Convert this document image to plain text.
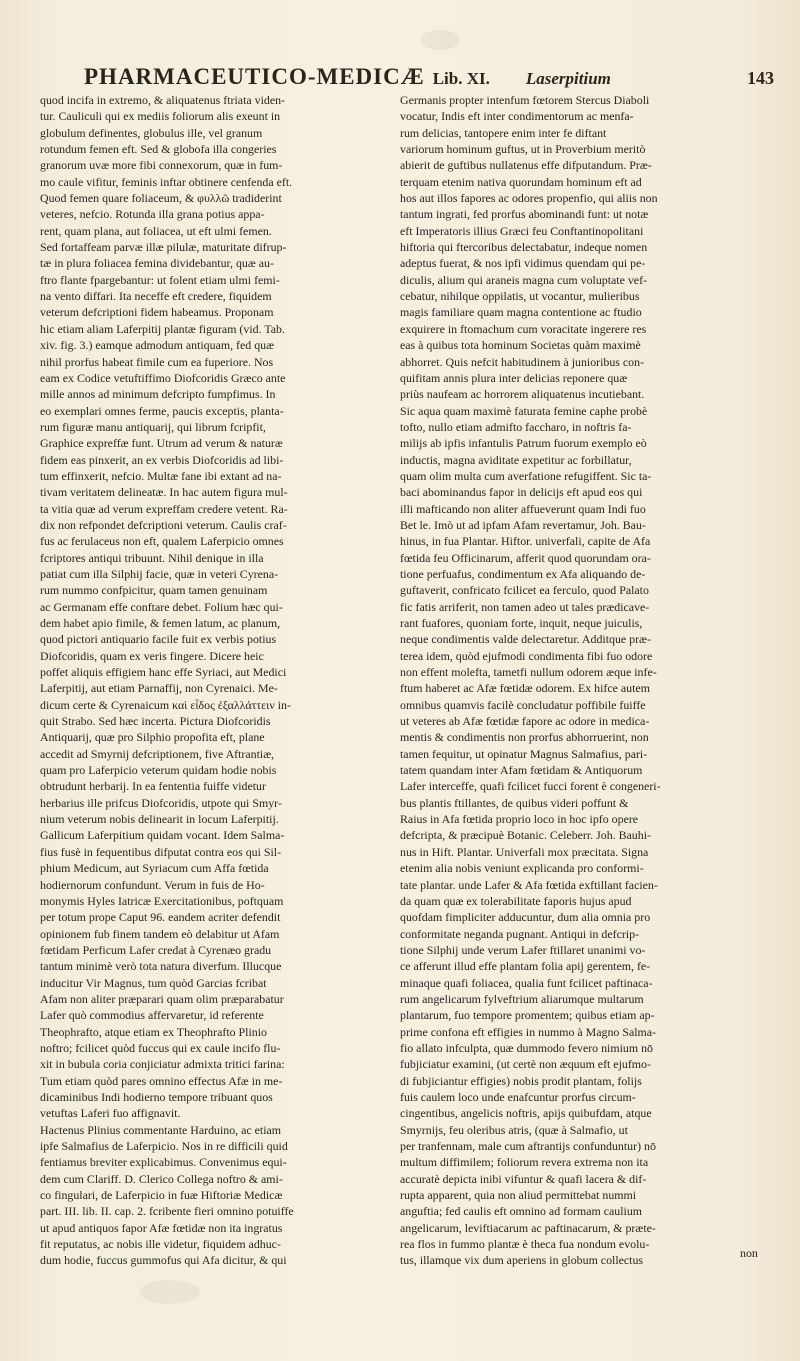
PHARMACEUTICO-MEDICÆ Lib. XI. Laserpitium	143
quod incifa in extremo, & aliquatenus ftriata viden-
tur. Cauliculi qui ex mediis foliorum alis exeunt in
globulum definentes, globulus ille, vel granum
rotundum femen eft. Sed & globofa illa congeries
granorum uvæ more fibi connexorum, quæ in fum-
mo caule vifitur, feminis inftar obtinere cenfenda eft.
Quod femen quare foliaceum, & φυλλῶ tradiderint
veteres, nefcio. Rotunda illa grana potius appa-
rent, quam plana, aut foliacea, ut eft ulmi femen.
Sed fortaffeam parvæ illæ pilulæ, maturitate difrup-
tæ in plura foliacea femina dividebantur, quæ au-
ftro flante fpargebantur: ut folent etiam ulmi femi-
na vento diffari. Ita neceffe eft credere, fiquidem
veterum defcriptioni fidem habeamus. Proponam
hic etiam aliam Laferpitij plantæ figuram (vid. Tab.
xiv. fig. 3.) eamque admodum antiquam, fed quæ
nihil prorfus habeat fimile cum ea fuperiore. Nos
eam ex Codice vetuftiffimo Diofcoridis Græco ante
mille annos ad minimum defcripto fumpfimus. In
eo exemplari omnes ferme, paucis exceptis, planta-
rum figuræ manu antiquarij, qui librum fcripfit,
Graphice expreffæ funt. Utrum ad verum & naturæ
fidem eas pinxerit, an ex verbis Diofcoridis ad libi-
tum effinxerit, nefcio. Multæ fane ibi extant ad na-
tivam veritatem delineatæ. In hac autem figura mul-
ta vitia quæ ad verum expreffam credere vetent. Ra-
dix non refpondet defcriptioni veterum. Caulis craf-
fus ac ferulaceus non eft, qualem Laferpicio omnes
fcriptores antiqui tribuunt. Nihil denique in illa
patiat cum illa Silphij facie, quæ in veteri Cyrena-
rum nummo confpicitur, quam tamen genuinam
ac Germanam effe conftare debet. Folium hæc qui-
dem habet apio fimile, & femen latum, ac planum,
quod pictori antiquario facile fuit ex verbis potius
Diofcoridis, quam ex veris fingere. Dicere heic
poffet aliquis effigiem hanc effe Syriaci, aut Medici
Laferpitij, aut etiam Parnaffij, non Cyrenaici. Me-
dicum certe & Cyrenaicum καὶ εἶδος ἐξαλλάττειν in-
quit Strabo. Sed hæc incerta. Pictura Diofcoridis
Antiquarij, quæ pro Silphio propofita eft, plane
accedit ad Smyrnij defcriptionem, five Aftrantiæ,
quam pro Laferpicio veterum quidam hodie nobis
obtrudunt herbarij. In ea fententia fuiffe videtur
herbarius ille prifcus Diofcoridis, utpote qui Smyr-
nium veterum nobis delinearit in locum Laferpitij.
Gallicum Laferpitium quidam vocant. Idem Salma-
fius fusè in fequentibus difputat contra eos qui Sil-
phium Medicum, aut Syriacum cum Affa fœtida
hodiernorum confundunt. Verum in fuis de Ho-
monymis Hyles Iatricæ Exercitationibus, poftquam
per totum prope Caput 96. eandem acriter defendit
opinionem fub finem tandem eò delabitur ut Afam
fœtidam Perficum Lafer credat à Cyrenæo gradu
tantum minimè verò tota natura diverfum. Illucque
inducitur Vir Magnus, tum quòd Garcias fcribat
Afam non aliter præparari quam olim præparabatur
Lafer quò commodius affervaretur, id referente
Theophrafto, atque etiam ex Theophrafto Plinio
noftro; fcilicet quòd fuccus qui ex caule incifo flu-
xit in bubula coria conjiciatur admixta tritici farina:
Tum etiam quòd pares omnino effectus Afæ in me-
dicaminibus Indi hodierno tempore tribuant quos
vetuftas Laferi fuo affignavit.
Hactenus Plinius commentante Harduino, ac etiam
ipfe Salmafius de Laferpicio. Nos in re difficili quid
fentiamus breviter explicabimus. Convenimus equi-
dem cum Clariff. D. Clerico Collega noftro & ami-
co fingulari, de Laferpicio in fuæ Hiftoriæ Medicæ
part. III. lib. II. cap. 2. fcribente fieri omnino potuiffe
ut apud antiquos fapor Afæ fœtidæ non ita ingratus
fit reputatus, ac nobis ille videtur, fiquidem adhuc-
dum hodie, fuccus gummofus qui Afa dicitur, & qui
Germanis propter intenfum fœtorem Stercus Diaboli
vocatur, Indis eft inter condimentorum ac menfa-
rum delicias, tantopere enim inter fe diftant
variorum hominum guftus, ut in Proverbium meritò
abierit de guftibus nullatenus effe difputandum. Præ-
terquam etenim nativa quorundam hominum eft ad
hos aut illos fapores ac odores propenfio, qui aliis non
tantum ingrati, fed prorfus abominandi funt: ut notæ
eft Imperatoris illius Græci feu Conftantinopolitani
hiftoria qui ftercoribus delectabatur, indeque nomen
adeptus fuerat, & nos ipfi vidimus quendam qui pe-
diculis, alium qui araneis magna cum voluptate vef-
cebatur, nihilque oppilatis, ut vocantur, mulieribus
magis familiare quam magna contentione ac ftudio
exquirere in ftomachum cum voracitate ingerere res
eas à quibus tota hominum Societas quàm maximè
abhorret. Quis nefcit habitudinem à junioribus con-
quifitam annis plura inter delicias reponere quæ
priùs naufeam ac horrorem aliquatenus incutiebant.
Sic aqua quam maximè faturata femine caphe probè
tofto, nullo etiam admifto faccharo, in noftris fa-
milijs ab ipfis infantulis Patrum fuorum exemplo eò
inductis, magna aviditate expetitur ac forbillatur,
quam olim multa cum averfatione refugiffent. Sic ta-
baci abominandus fapor in delicijs eft apud eos qui
illi mafticando non aliter affueverunt quam Indi fuo
Bet le. Imò ut ad ipfam Afam revertamur, Joh. Bau-
hinus, in fua Plantar. Hiftor. univerfali, capite de Afa
fœtida feu Officinarum, afferit quod quorundam ora-
tione perfuafus, condimentum ex Afa aliquando de-
guftaverit, confricato fcilicet ea ferculo, quod Palato
fic fatis arriferit, non tamen adeo ut tales prædicave-
rant fuafores, quoniam forte, inquit, neque juiculis,
neque condimentis valde delectaretur. Additque præ-
terea idem, quòd ejufmodi condimenta fibi fuo odore
non effent molefta, tametfi nullum odorem æque infe-
ftum haberet ac Afæ fœtidæ odorem. Ex hifce autem
omnibus quamvis facilè concludatur poffibile fuiffe
ut veteres ab Afæ fœtidæ fapore ac odore in medica-
mentis & condimentis non prorfus abhorruerint, non
tamen fequitur, ut opinatur Magnus Salmafius, pari-
tatem quandam inter Afam fœtidam & Antiquorum
Lafer interceffe, quafi fcilicet fucci forent è congeneri-
bus plantis ftillantes, de quibus videri poffunt &
Raius in Afa fœtida proprio loco in hoc ipfo opere
defcripta, & præcipuè Botanic. Celeberr. Joh. Bauhi-
nus in Hift. Plantar. Univerfali mox præcitata. Signa
etenim alia nobis veniunt explicanda pro conformi-
tate plantar. unde Lafer & Afa fœtida exftillant facien-
da quam quæ ex tolerabilitate faporis hujus apud
quofdam fimpliciter adducuntur, dum alia omnia pro
conformitate neganda pugnant. Antiqui in defcrip-
tione Silphij unde verum Lafer ftillaret unanimi vo-
ce afferunt illud effe plantam folia apij gerentem, fe-
minaque quafi foliacea, qualia funt fcilicet paftinaca-
rum angelicarum fylveftrium aliarumque multarum
plantarum, fuo tempore promentem; quibus etiam ap-
prime confona eft effigies in nummo à Magno Salma-
fio allato infculpta, quæ dummodo fevero nimium nō
fubjiciatur examini, (ut certè non æquum eft ejufmo-
di fubjiciantur effigies) nobis prodit plantam, folijs
fuis caulem loco unde enafcuntur prorfus circum-
cingentibus, angelicis noftris, apijs quibufdam, atque
Smyrnijs, feu oleribus atris, (quæ à Salmafio, ut
per tranfennam, male cum aftrantijs confunduntur) nō
multum diffimilem; foliorum revera extrema non ita
accuratè depicta inibi vifuntur & quafi lacera & dif-
rupta apparent, quia non aliud permittebat nummi
anguftia; fed caulis eft omnino ad formam caulium
angelicarum, leviftiacarum ac paftinacarum, & præte-
rea flos in fummo plantæ è theca fua nondum evolu-
tus, illamque vix dum aperiens in globum collectus
non
